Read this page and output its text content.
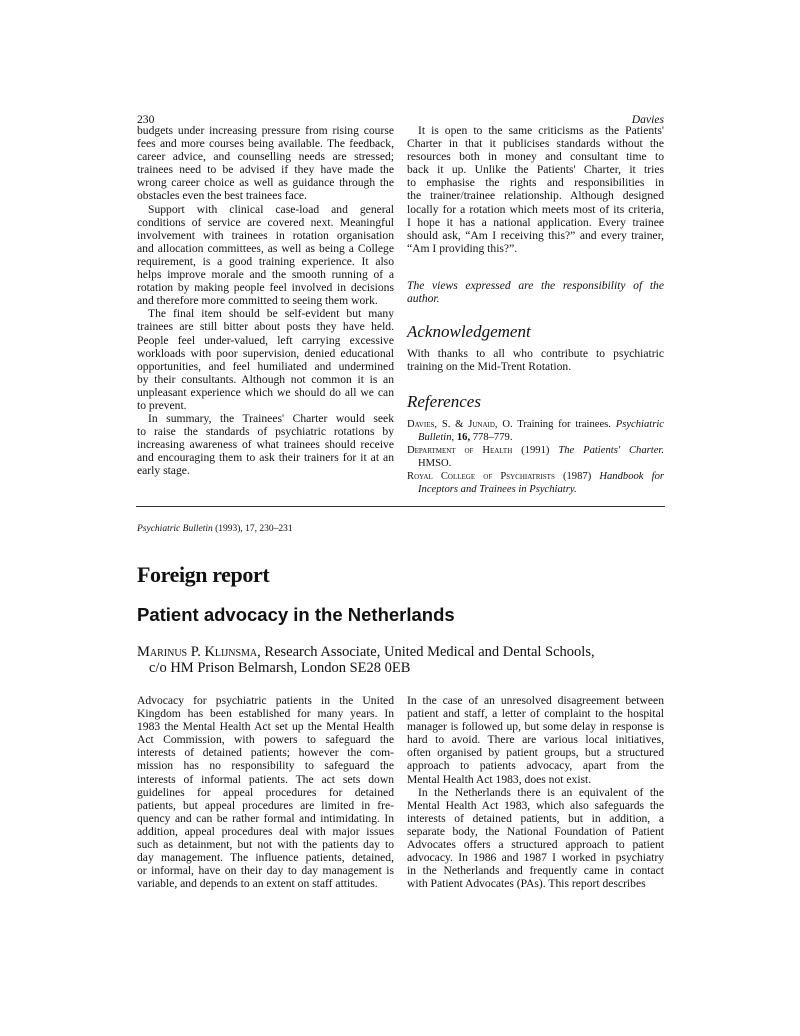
230	Davies
budgets under increasing pressure from rising course
fees and more courses being available. The feedback,
career advice, and counselling needs are stressed;
trainees need to be advised if they have made the
wrong career choice as well as guidance through the
obstacles even the best trainees face.
Support with clinical case-load and general
conditions of service are covered next. Meaningful
involvement with trainees in rotation organisation
and allocation committees, as well as being a College
requirement, is a good training experience. It also
helps improve morale and the smooth running of a
rotation by making people feel involved in decisions
and therefore more committed to seeing them work.
The final item should be self-evident but many
trainees are still bitter about posts they have held.
People feel under-valued, left carrying excessive
workloads with poor supervision, denied educational
opportunities, and feel humiliated and undermined
by their consultants. Although not common it is an
unpleasant experience which we should do all we can
to prevent.
In summary, the Trainees' Charter would seek
to raise the standards of psychiatric rotations by
increasing awareness of what trainees should receive
and encouraging them to ask their trainers for it at an
early stage.
It is open to the same criticisms as the Patients'
Charter in that it publicises standards without the
resources both in money and consultant time to
back it up. Unlike the Patients' Charter, it tries
to emphasise the rights and responsibilities in
the trainer/trainee relationship. Although designed
locally for a rotation which meets most of its criteria,
I hope it has a national application. Every trainee
should ask, “Am I receiving this?” and every trainer,
“Am I providing this?”.
The views expressed are the responsibility of the
author.
Acknowledgement
With thanks to all who contribute to psychiatric
training on the Mid-Trent Rotation.
References
Davies, S. & Junaid, O. Training for trainees. Psychiatric
Bulletin, 16, 778–779.
Department of Health (1991) The Patients' Charter.
HMSO.
Royal College of Psychiatrists (1987) Handbook for
Inceptors and Trainees in Psychiatry.
Psychiatric Bulletin (1993), 17, 230–231
Foreign report
Patient advocacy in the Netherlands
Marinus P. Klijnsma, Research Associate, United Medical and Dental Schools,
c/o HM Prison Belmarsh, London SE28 0EB
Advocacy for psychiatric patients in the United
Kingdom has been established for many years. In
1983 the Mental Health Act set up the Mental Health
Act Commission, with powers to safeguard the
interests of detained patients; however the com-
mission has no responsibility to safeguard the
interests of informal patients. The act sets down
guidelines for appeal procedures for detained
patients, but appeal procedures are limited in fre-
quency and can be rather formal and intimidating. In
addition, appeal procedures deal with major issues
such as detainment, but not with the patients day to
day management. The influence patients, detained,
or informal, have on their day to day management is
variable, and depends to an extent on staff attitudes.
In the case of an unresolved disagreement between
patient and staff, a letter of complaint to the hospital
manager is followed up, but some delay in response is
hard to avoid. There are various local initiatives,
often organised by patient groups, but a structured
approach to patients advocacy, apart from the
Mental Health Act 1983, does not exist.
In the Netherlands there is an equivalent of the
Mental Health Act 1983, which also safeguards the
interests of detained patients, but in addition, a
separate body, the National Foundation of Patient
Advocates offers a structured approach to patient
advocacy. In 1986 and 1987 I worked in psychiatry
in the Netherlands and frequently came in contact
with Patient Advocates (PAs). This report describes
